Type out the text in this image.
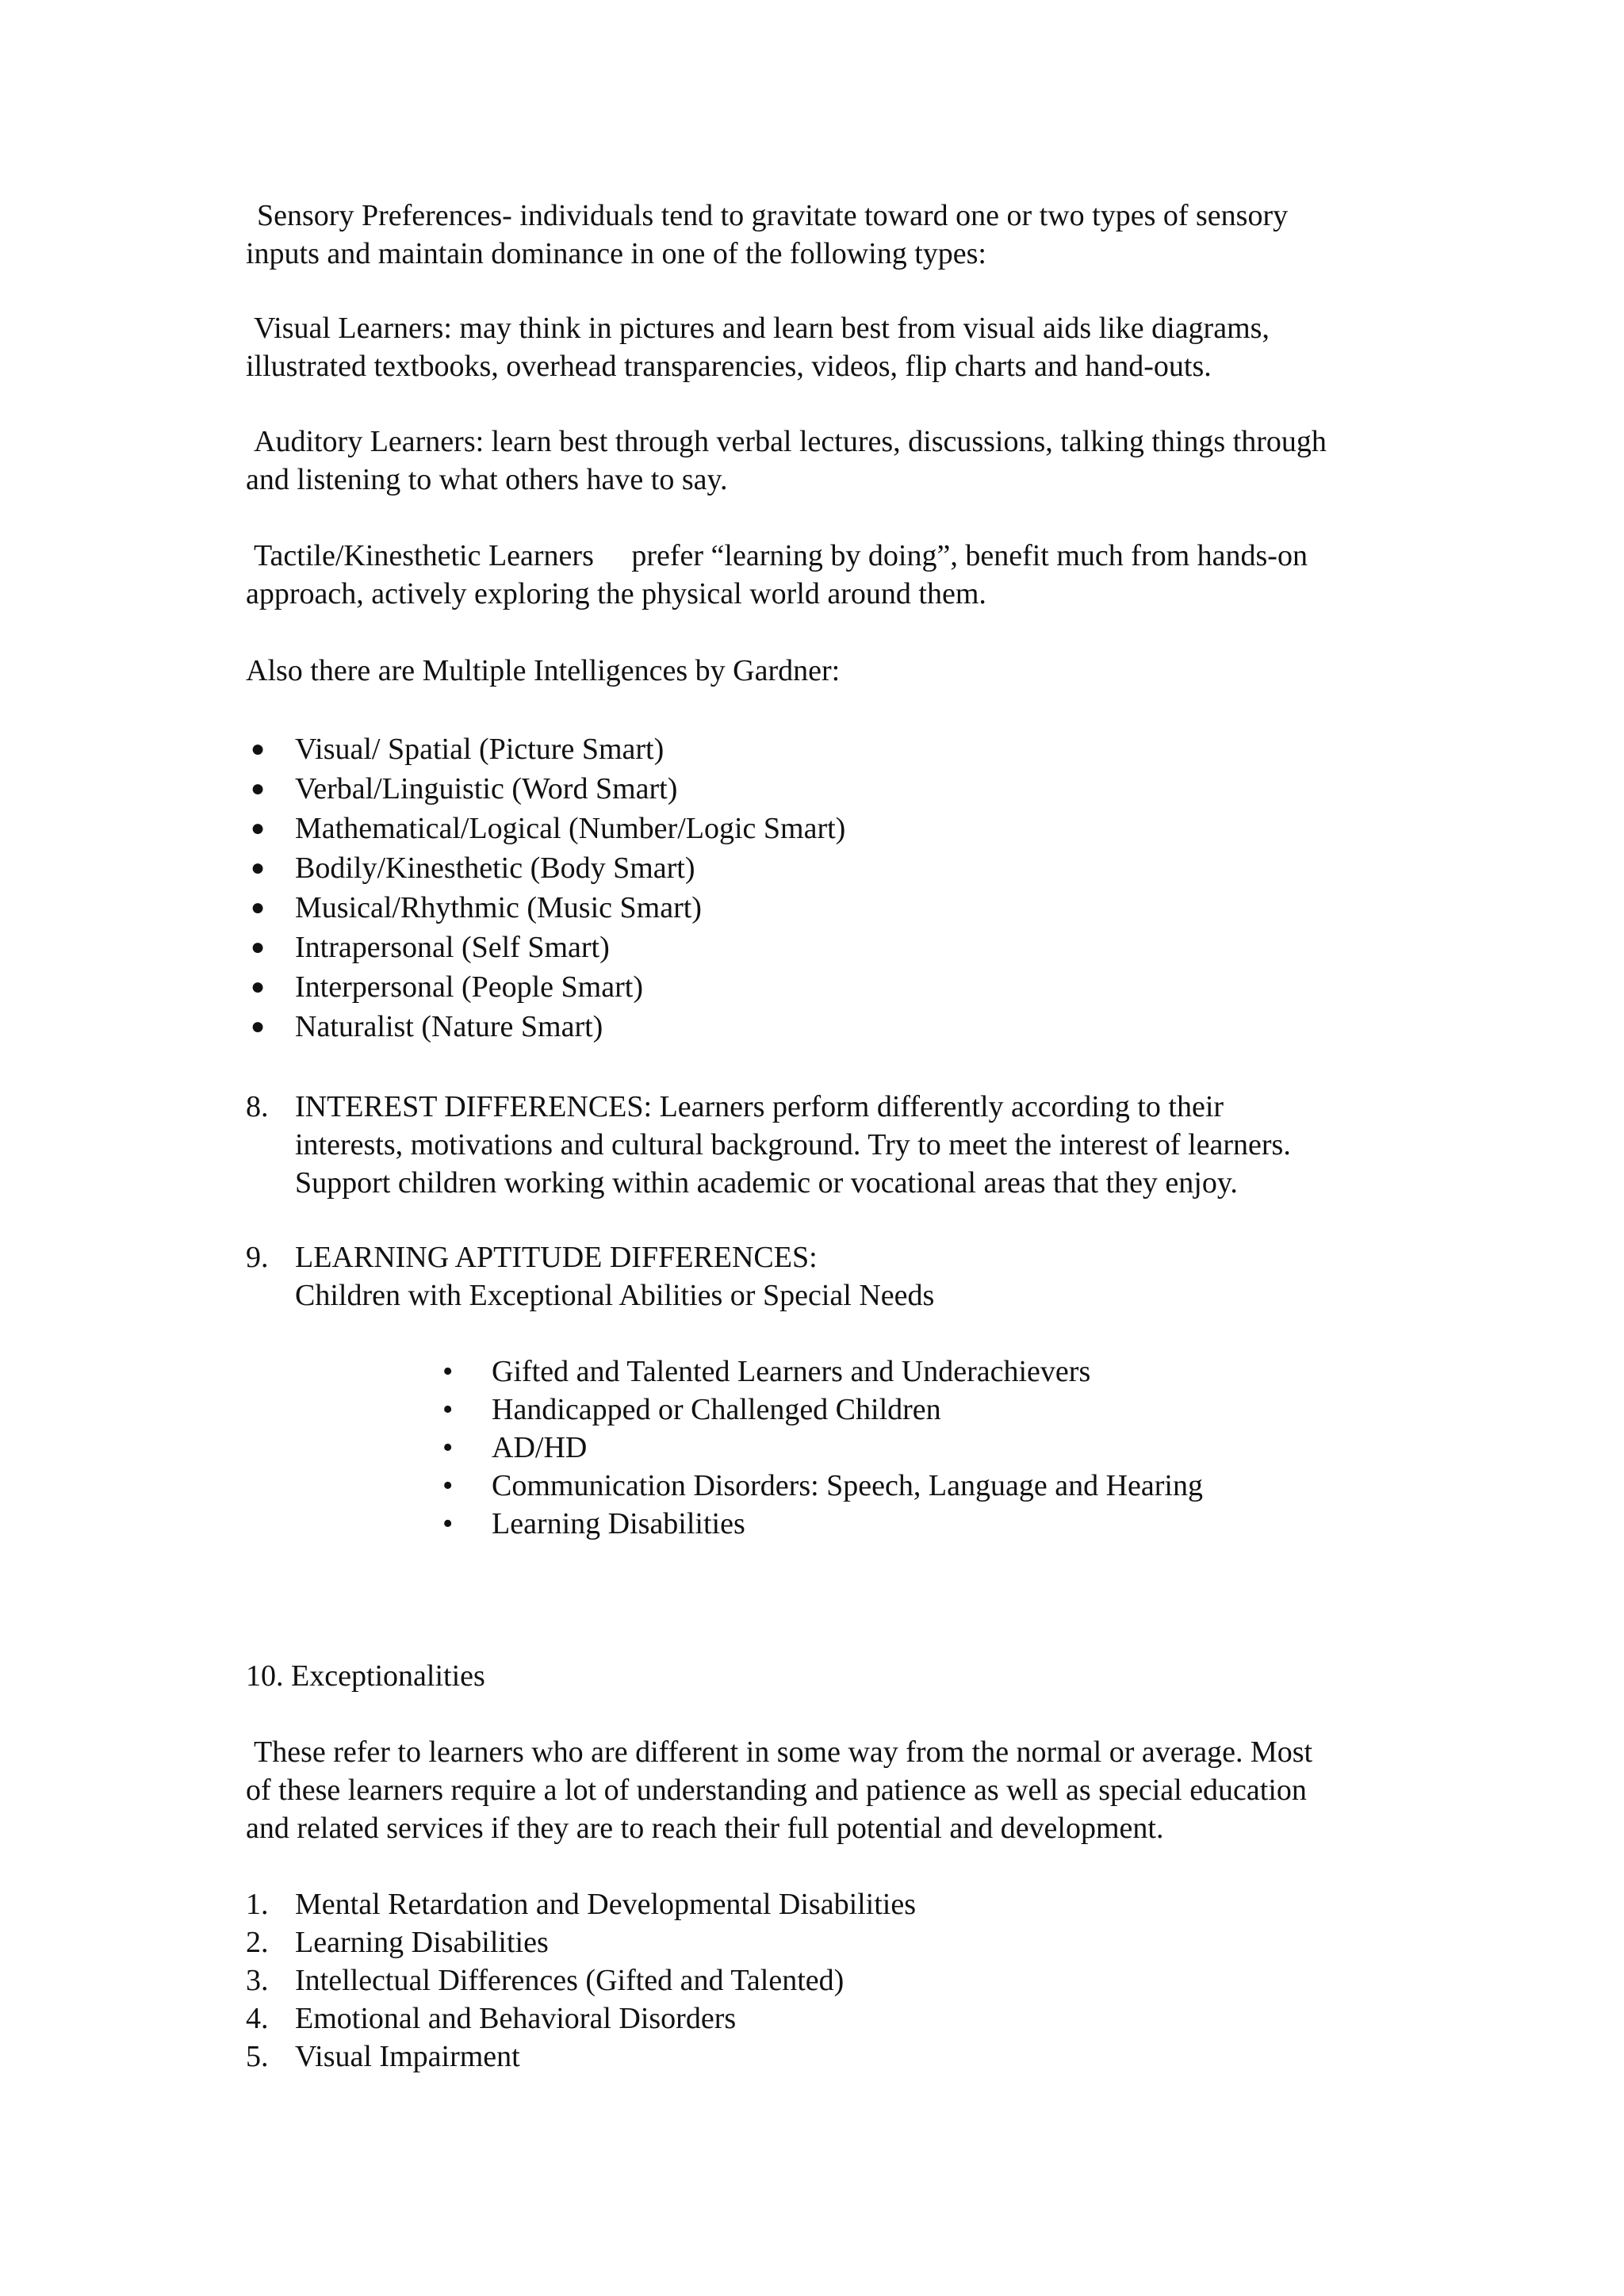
Sensory Preferences- individuals tend to gravitate toward one or two types of sensory
inputs and maintain dominance in one of the following types:

Visual Learners: may think in pictures and learn best from visual aids like diagrams,
illustrated textbooks, overhead transparencies, videos, flip charts and hand-outs.

Auditory Learners: learn best through verbal lectures, discussions, talking things through
and listening to what others have to say.

Tactile/Kinesthetic Learners     prefer “learning by doing”, benefit much from hands-on
approach, actively exploring the physical world around them.

Also there are Multiple Intelligences by Gardner:

● Visual/ Spatial (Picture Smart)
● Verbal/Linguistic (Word Smart)
● Mathematical/Logical (Number/Logic Smart)
● Bodily/Kinesthetic (Body Smart)
● Musical/Rhythmic (Music Smart)
● Intrapersonal (Self Smart)
● Interpersonal (People Smart)
● Naturalist (Nature Smart)
8. INTEREST DIFFERENCES: Learners perform differently according to their
interests, motivations and cultural background. Try to meet the interest of learners.
Support children working within academic or vocational areas that they enjoy.
9. LEARNING APTITUDE DIFFERENCES:
Children with Exceptional Abilities or Special Needs
• Gifted and Talented Learners and Underachievers
• Handicapped or Challenged Children
• AD/HD
• Communication Disorders: Speech, Language and Hearing
• Learning Disabilities

10. Exceptionalities

These refer to learners who are different in some way from the normal or average. Most
of these learners require a lot of understanding and patience as well as special education
and related services if they are to reach their full potential and development.

1. Mental Retardation and Developmental Disabilities
2. Learning Disabilities
3. Intellectual Differences (Gifted and Talented)
4. Emotional and Behavioral Disorders
5. Visual Impairment
